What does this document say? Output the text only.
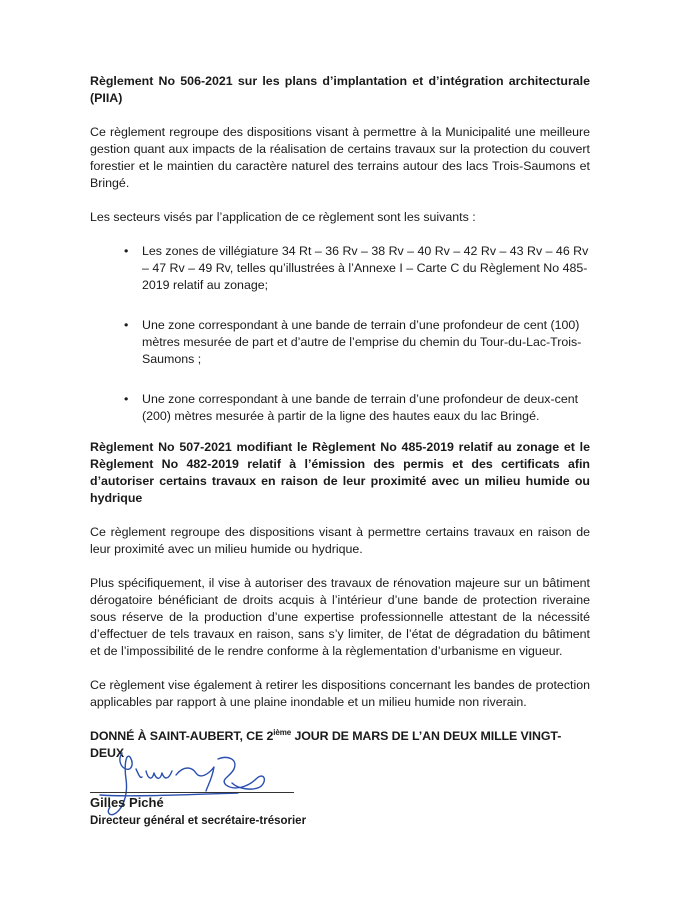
Règlement No 506-2021 sur les plans d’implantation et d’intégration architecturale (PIIA)

Ce règlement regroupe des dispositions visant à permettre à la Municipalité une meilleure gestion quant aux impacts de la réalisation de certains travaux sur la protection du couvert forestier et le maintien du caractère naturel des terrains autour des lacs Trois-Saumons et Bringé.

Les secteurs visés par l’application de ce règlement sont les suivants :

• Les zones de villégiature 34 Rt – 36 Rv – 38 Rv – 40 Rv – 42 Rv – 43 Rv – 46 Rv – 47 Rv – 49 Rv, telles qu’illustrées à l’Annexe I – Carte C du Règlement No 485-2019 relatif au zonage;
• Une zone correspondant à une bande de terrain d’une profondeur de cent (100) mètres mesurée de part et d’autre de l’emprise du chemin du Tour-du-Lac-Trois-Saumons ;
• Une zone correspondant à une bande de terrain d’une profondeur de deux-cent (200) mètres mesurée à partir de la ligne des hautes eaux du lac Bringé.

Règlement No 507-2021 modifiant le Règlement No 485-2019 relatif au zonage et le Règlement No 482-2019 relatif à l’émission des permis et des certificats afin d’autoriser certains travaux en raison de leur proximité avec un milieu humide ou hydrique

Ce règlement regroupe des dispositions visant à permettre certains travaux en raison de leur proximité avec un milieu humide ou hydrique.

Plus spécifiquement, il vise à autoriser des travaux de rénovation majeure sur un bâtiment dérogatoire bénéficiant de droits acquis à l’intérieur d’une bande de protection riveraine sous réserve de la production d’une expertise professionnelle attestant de la nécessité d’effectuer de tels travaux en raison, sans s’y limiter, de l’état de dégradation du bâtiment et de l’impossibilité de le rendre conforme à la règlementation d’urbanisme en vigueur.

Ce règlement vise également à retirer les dispositions concernant les bandes de protection applicables par rapport à une plaine inondable et un milieu humide non riverain.

DONNÉ À SAINT-AUBERT, CE 2ième JOUR DE MARS DE L’AN DEUX MILLE VINGT-DEUX

Gilles Piché

Directeur général et secrétaire-trésorier
